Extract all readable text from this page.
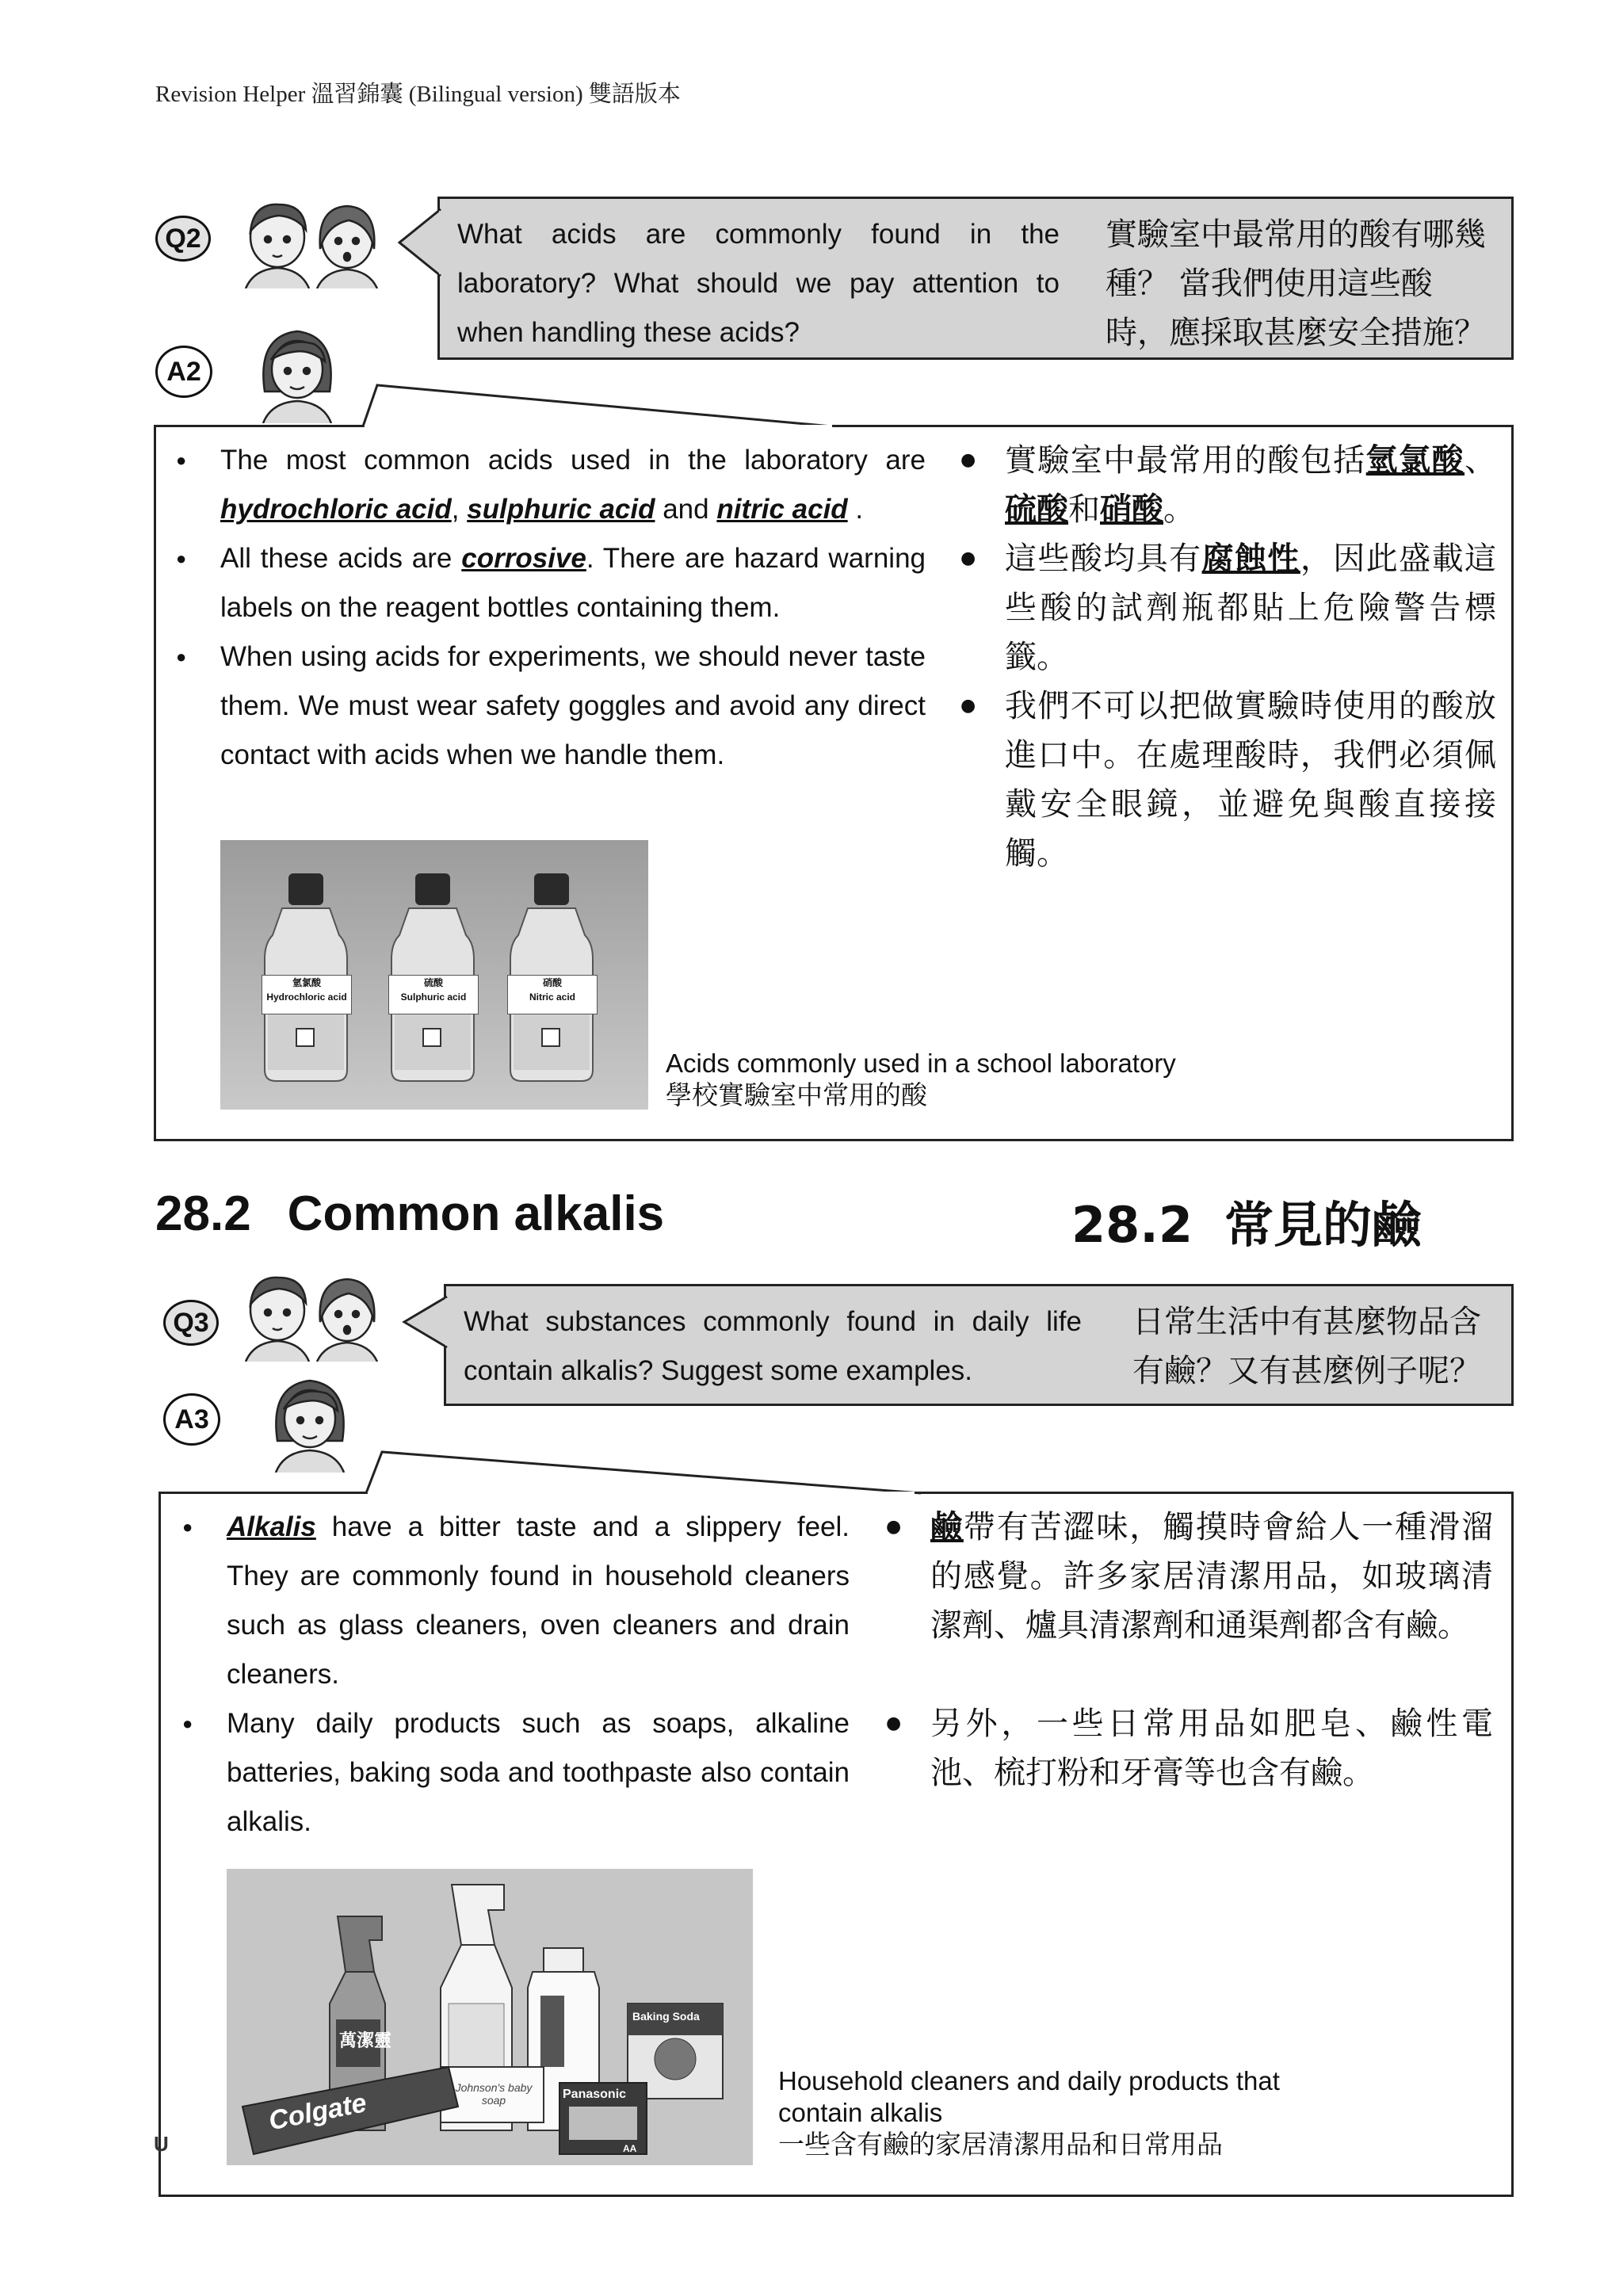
Revision Helper 溫習錦囊 (Bilingual version) 雙語版本
Q2	What acids are commonly found in the laboratory? What should we pay attention to when handling these acids?
實驗室中最常用的酸有哪幾種？ 當我們使用這些酸時，應採取甚麼安全措施？
A2
● The most common acids used in the laboratory are hydrochloric acid, sulphuric acid and nitric acid .
● All these acids are corrosive. There are hazard warning labels on the reagent bottles containing them.
● When using acids for experiments, we should never taste them. We must wear safety goggles and avoid any direct contact with acids when we handle them.
● 實驗室中最常用的酸包括氫氯酸、硫酸和硝酸。
● 這些酸均具有腐蝕性，因此盛載這些酸的試劑瓶都貼上危險警告標籤。
● 我們不可以把做實驗時使用的酸放進口中。在處理酸時，我們必須佩戴安全眼鏡，並避免與酸直接接觸。
氫氯酸
Hydrochloric acid
硫酸
Sulphuric acid
硝酸
Nitric acid
Acids commonly used in a school laboratory
學校實驗室中常用的酸
28.2 Common alkalis	28.2 常見的鹼
Q3	What substances commonly found in daily life contain alkalis? Suggest some examples.
日常生活中有甚麼物品含有鹼？又有甚麼例子呢？
A3
● Alkalis have a bitter taste and a slippery feel. They are commonly found in household cleaners such as glass cleaners, oven cleaners and drain cleaners.
● Many daily products such as soaps, alkaline batteries, baking soda and toothpaste also contain alkalis.
● 鹼帶有苦澀味，觸摸時會給人一種滑溜的感覺。許多家居清潔用品，如玻璃清潔劑、爐具清潔劑和通渠劑都含有鹼。
● 另外，一些日常用品如肥皂、鹼性電池、梳打粉和牙膏等也含有鹼。
萬潔靈
Baking Soda
Johnson's baby soap	Panasonic
AA
Colgate
Household cleaners and daily products that contain alkalis
一些含有鹼的家居清潔用品和日常用品
U
